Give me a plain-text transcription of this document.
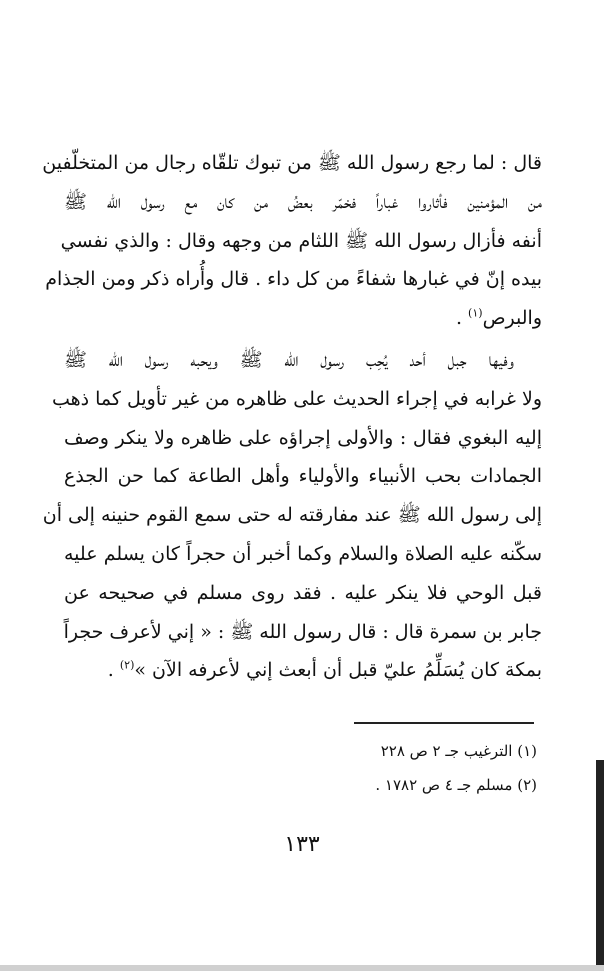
قال : لما رجع رسول الله ﷺ من تبوك تلقّاه رجال من المتخلّفين
من المؤمنين فأثاروا غباراً فخمّر بعضُ من كان مع رسول الله ﷺ
أنفه فأزال رسول الله ﷺ اللثام من وجهه وقال : والذي نفسي
بيده إنّ في غبارها شفاءً من كل داء . قال وأُراه ذكر ومن الجذام
والبرص$^{(١)}$ .
وفيها جبل أحد يُحِب رسول الله ﷺ ويحبه رسول الله ﷺ
ولا غرابه في إجراء الحديث على ظاهره من غير تأويل كما ذهب
إليه البغوي فقال : والأولى إجراؤه على ظاهره ولا ينكر وصف
الجمادات بحب الأنبياء والأولياء وأهل الطاعة كما حن الجذع
إلى رسول الله ﷺ عند مفارقته له حتى سمع القوم حنينه إلى أن
سكّنه عليه الصلاة والسلام وكما أخبر أن حجراً كان يسلم عليه
قبل الوحي فلا ينكر عليه . فقد روى مسلم في صحيحه عن
جابر بن سمرة قال : قال رسول الله ﷺ : « إني لأعرف حجراً
بمكة كان يُسَلِّمُ عليّ قبل أن أبعث إني لأعرفه الآن »$^{(٢)}$ .
(١) الترغيب جـ ٢ ص ٢٢٨
(٢) مسلم جـ ٤ ص ١٧٨٢ .
١٣٣
